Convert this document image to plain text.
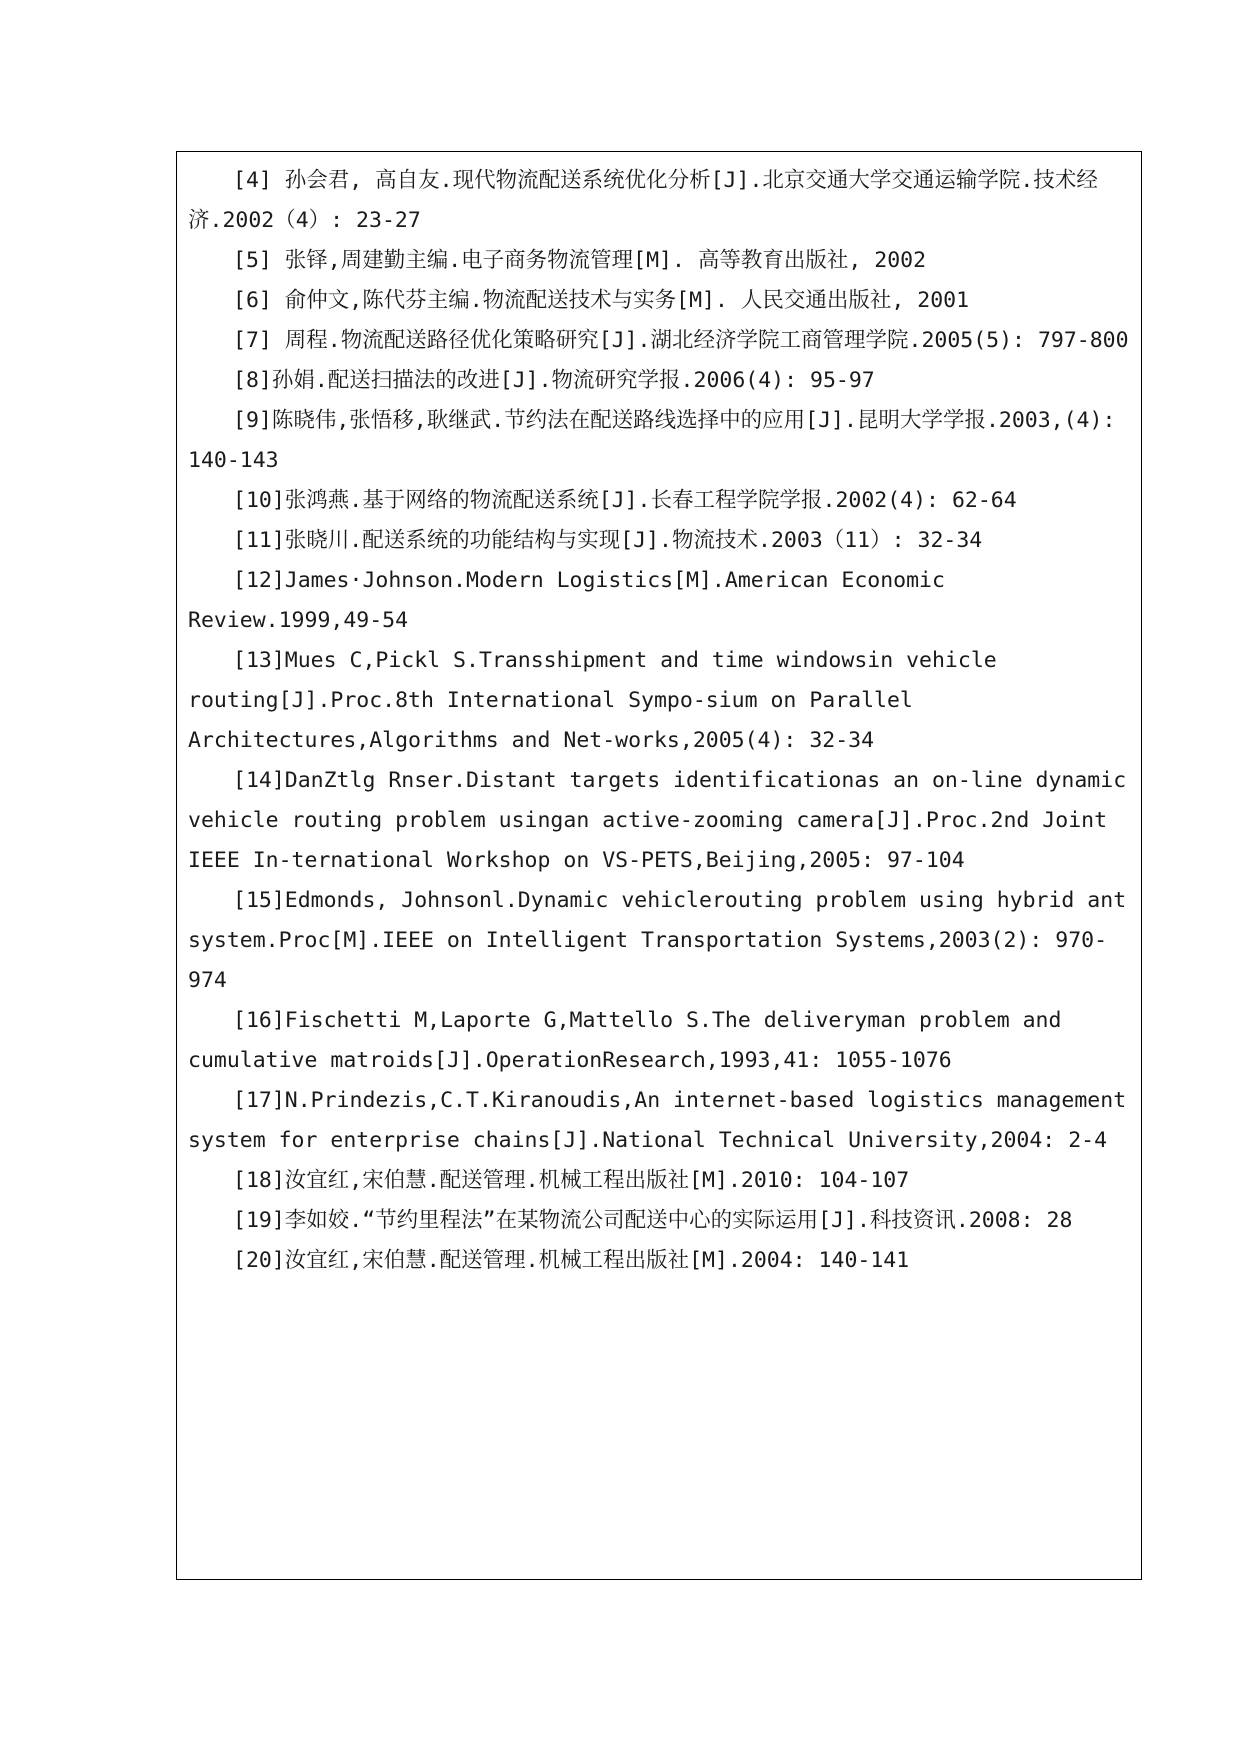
[4] 孙会君, 高自友.现代物流配送系统优化分析[J].北京交通大学交通运输学院.技术经济.2002（4）: 23-27
[5] 张铎,周建勤主编.电子商务物流管理[M]. 高等教育出版社, 2002
[6] 俞仲文,陈代芬主编.物流配送技术与实务[M]. 人民交通出版社, 2001
[7] 周程.物流配送路径优化策略研究[J].湖北经济学院工商管理学院.2005(5): 797-800
[8]孙娟.配送扫描法的改进[J].物流研究学报.2006(4): 95-97
[9]陈晓伟,张悟移,耿继武.节约法在配送路线选择中的应用[J].昆明大学学报.2003,(4): 140-143
[10]张鸿燕.基于网络的物流配送系统[J].长春工程学院学报.2002(4): 62-64
[11]张晓川.配送系统的功能结构与实现[J].物流技术.2003（11）: 32-34
[12]James·Johnson.Modern Logistics[M].American Economic Review.1999,49-54
[13]Mues C,Pickl S.Transshipment and time windowsin vehicle routing[J].Proc.8th International Sympo-sium on Parallel Architectures,Algorithms and Net-works,2005(4): 32-34
[14]DanZtlg Rnser.Distant targets identificationas an on-line dynamic vehicle routing problem usingan active-zooming camera[J].Proc.2nd Joint IEEE In-ternational Workshop on VS-PETS,Beijing,2005: 97-104
[15]Edmonds, Johnsonl.Dynamic vehiclerouting problem using hybrid ant system.Proc[M].IEEE on Intelligent Transportation Systems,2003(2): 970-974
[16]Fischetti M,Laporte G,Mattello S.The deliveryman problem and cumulative matroids[J].OperationResearch,1993,41: 1055-1076
[17]N.Prindezis,C.T.Kiranoudis,An internet-based logistics management system for enterprise chains[J].National Technical University,2004: 2-4
[18]汝宜红,宋伯慧.配送管理.机械工程出版社[M].2010: 104-107
[19]李如姣.“节约里程法”在某物流公司配送中心的实际运用[J].科技资讯.2008: 28
[20]汝宜红,宋伯慧.配送管理.机械工程出版社[M].2004: 140-141
